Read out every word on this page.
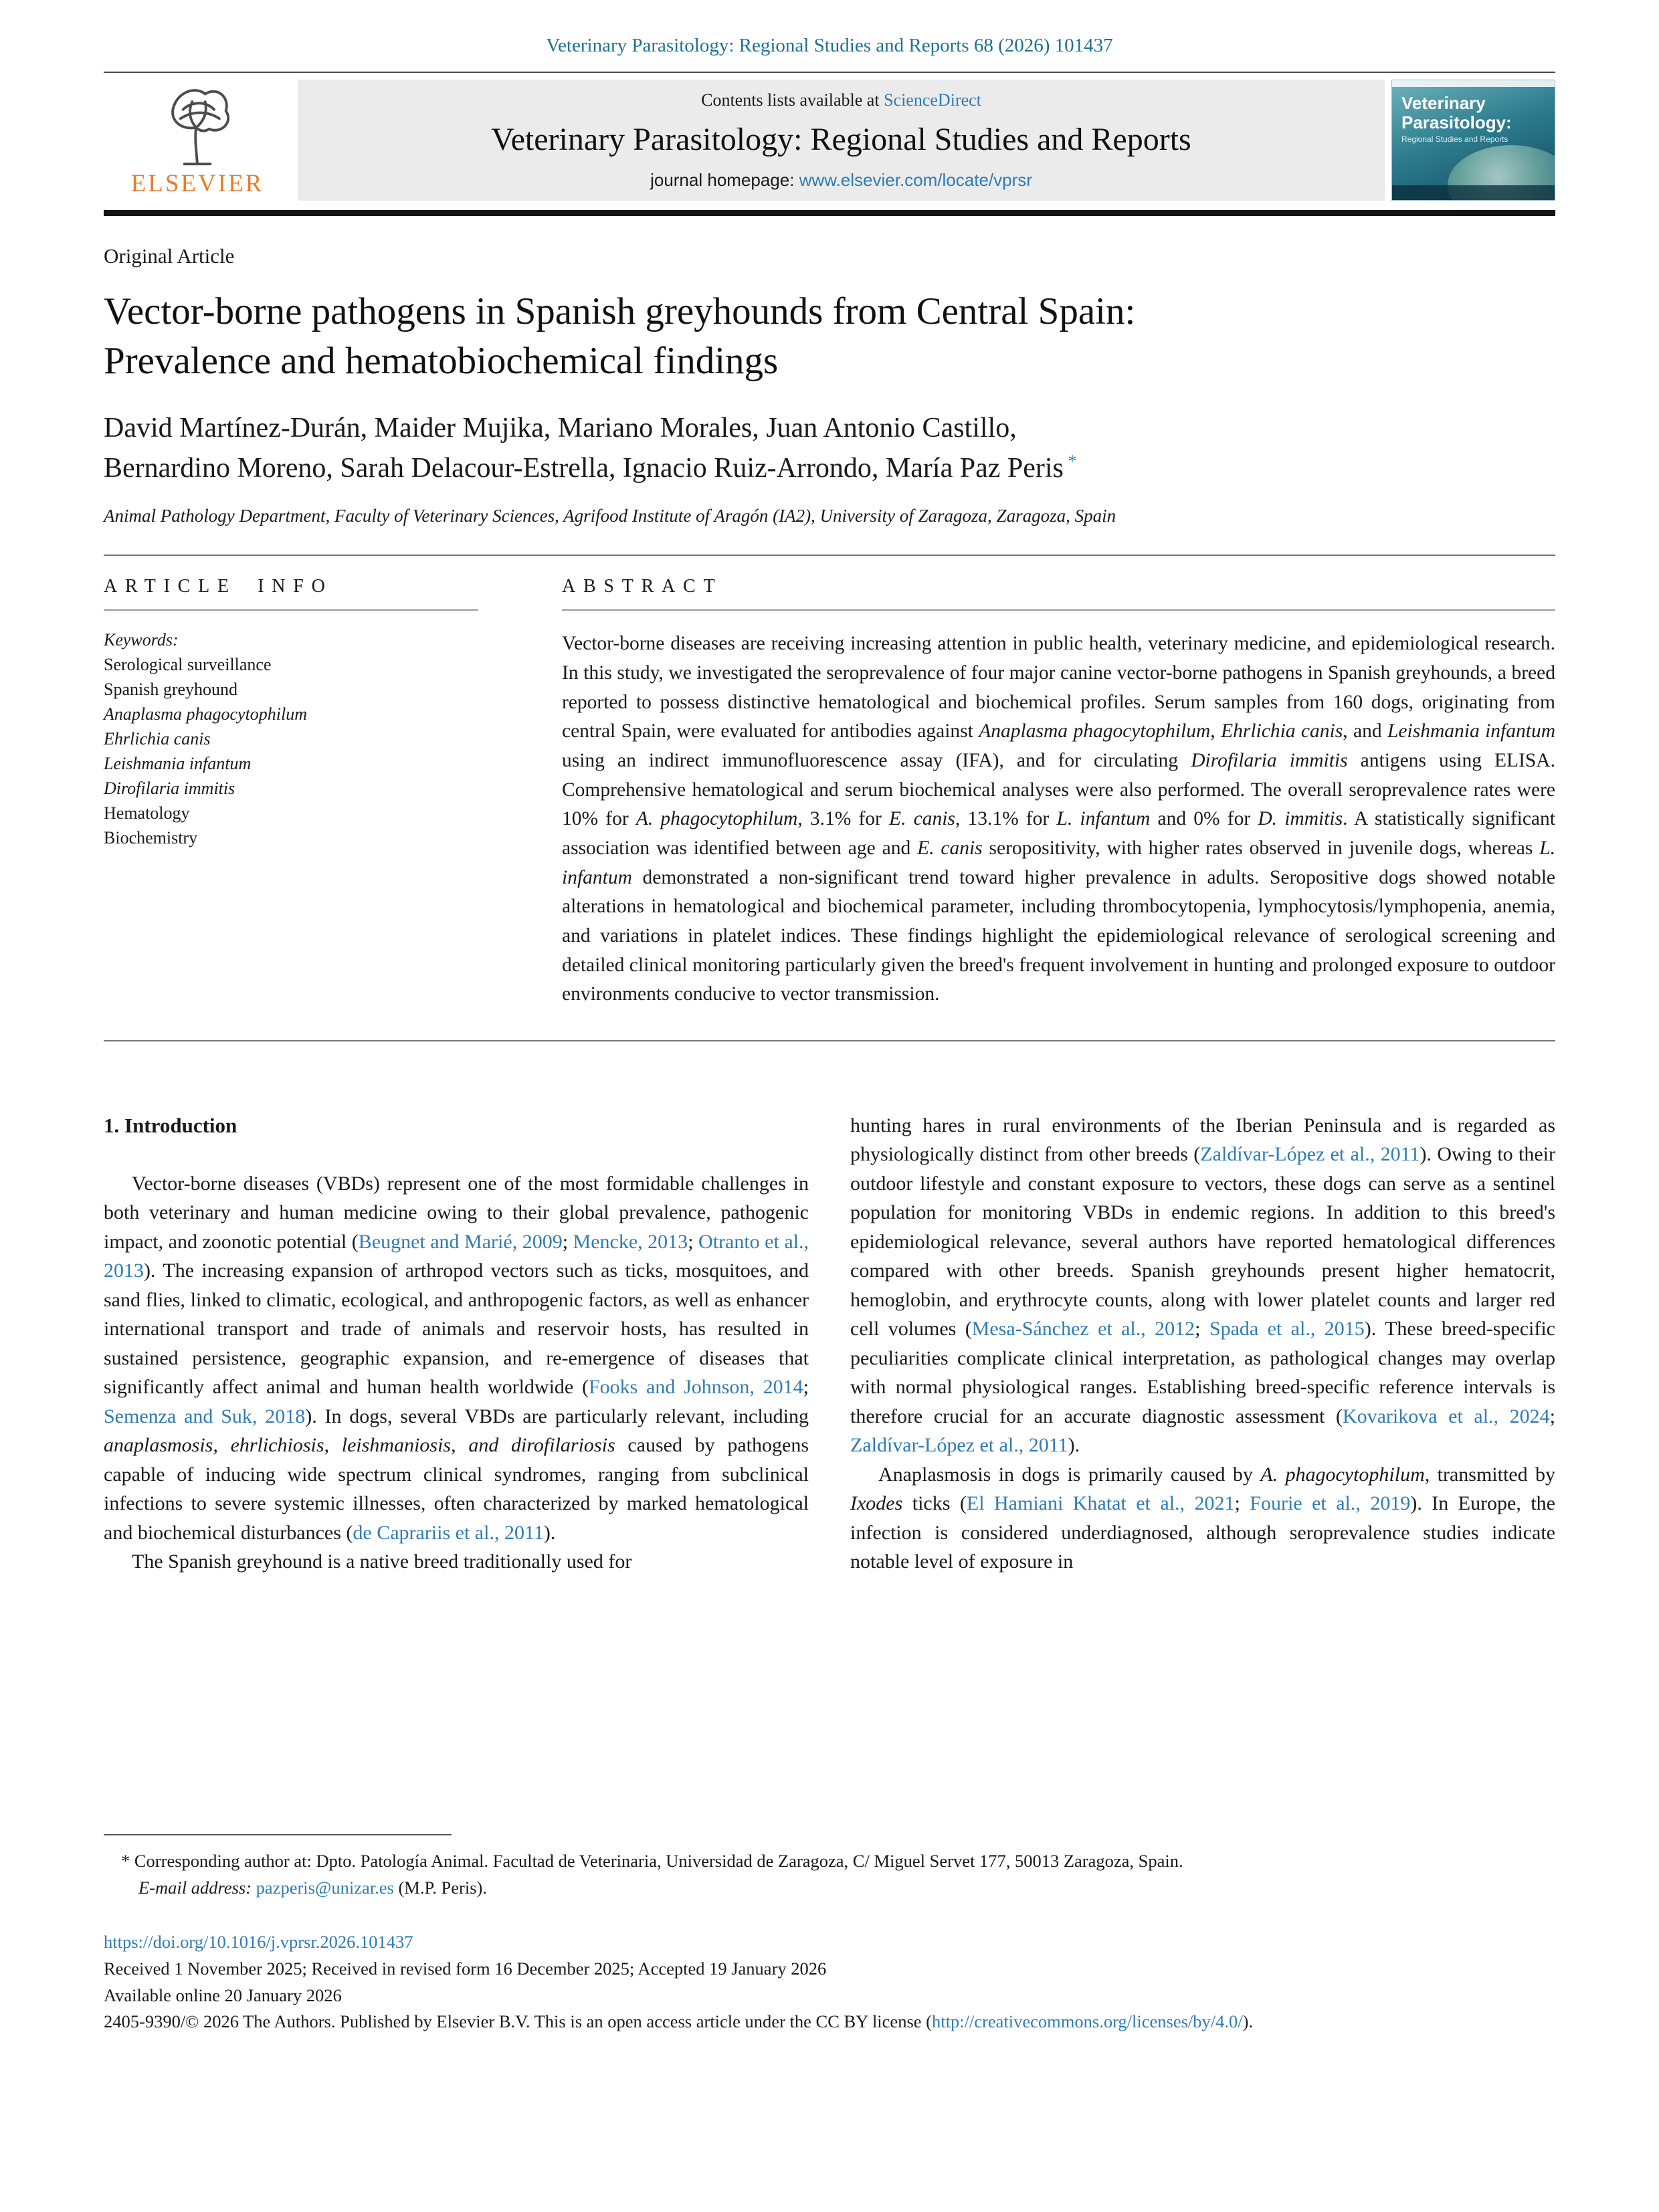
Veterinary Parasitology: Regional Studies and Reports 68 (2026) 101437
ELSEVIER
Contents lists available at ScienceDirect
Veterinary Parasitology: Regional Studies and Reports
journal homepage: www.elsevier.com/locate/vprsr
Veterinary
Parasitology:
Regional Studies and Reports
Original Article
Vector-borne pathogens in Spanish greyhounds from Central Spain:
Prevalence and hematobiochemical findings
David Martínez-Durán, Maider Mujika, Mariano Morales, Juan Antonio Castillo,
Bernardino Moreno, Sarah Delacour-Estrella, Ignacio Ruiz-Arrondo, María Paz Peris *
Animal Pathology Department, Faculty of Veterinary Sciences, Agrifood Institute of Aragón (IA2), University of Zaragoza, Zaragoza, Spain
ARTICLE INFO
Keywords:
Serological surveillance
Spanish greyhound
Anaplasma phagocytophilum
Ehrlichia canis
Leishmania infantum
Dirofilaria immitis
Hematology
Biochemistry
ABSTRACT
Vector-borne diseases are receiving increasing attention in public health, veterinary medicine, and epidemiological research. In this study, we investigated the seroprevalence of four major canine vector-borne pathogens in Spanish greyhounds, a breed reported to possess distinctive hematological and biochemical profiles. Serum samples from 160 dogs, originating from central Spain, were evaluated for antibodies against Anaplasma phagocytophilum, Ehrlichia canis, and Leishmania infantum using an indirect immunofluorescence assay (IFA), and for circulating Dirofilaria immitis antigens using ELISA. Comprehensive hematological and serum biochemical analyses were also performed. The overall seroprevalence rates were 10% for A. phagocytophilum, 3.1% for E. canis, 13.1% for L. infantum and 0% for D. immitis. A statistically significant association was identified between age and E. canis seropositivity, with higher rates observed in juvenile dogs, whereas L. infantum demonstrated a non-significant trend toward higher prevalence in adults. Seropositive dogs showed notable alterations in hematological and biochemical parameter, including thrombocytopenia, lymphocytosis/lymphopenia, anemia, and variations in platelet indices. These findings highlight the epidemiological relevance of serological screening and detailed clinical monitoring particularly given the breed's frequent involvement in hunting and prolonged exposure to outdoor environments conducive to vector transmission.
1. Introduction

Vector-borne diseases (VBDs) represent one of the most formidable challenges in both veterinary and human medicine owing to their global prevalence, pathogenic impact, and zoonotic potential (Beugnet and Marié, 2009; Mencke, 2013; Otranto et al., 2013). The increasing expansion of arthropod vectors such as ticks, mosquitoes, and sand flies, linked to climatic, ecological, and anthropogenic factors, as well as enhancer international transport and trade of animals and reservoir hosts, has resulted in sustained persistence, geographic expansion, and re-emergence of diseases that significantly affect animal and human health worldwide (Fooks and Johnson, 2014; Semenza and Suk, 2018). In dogs, several VBDs are particularly relevant, including anaplasmosis, ehrlichiosis, leishmaniosis, and dirofilariosis caused by pathogens capable of inducing wide spectrum clinical syndromes, ranging from subclinical infections to severe systemic illnesses, often characterized by marked hematological and biochemical disturbances (de Caprariis et al., 2011).

The Spanish greyhound is a native breed traditionally used for

hunting hares in rural environments of the Iberian Peninsula and is regarded as physiologically distinct from other breeds (Zaldívar-López et al., 2011). Owing to their outdoor lifestyle and constant exposure to vectors, these dogs can serve as a sentinel population for monitoring VBDs in endemic regions. In addition to this breed's epidemiological relevance, several authors have reported hematological differences compared with other breeds. Spanish greyhounds present higher hematocrit, hemoglobin, and erythrocyte counts, along with lower platelet counts and larger red cell volumes (Mesa-Sánchez et al., 2012; Spada et al., 2015). These breed-specific peculiarities complicate clinical interpretation, as pathological changes may overlap with normal physiological ranges. Establishing breed-specific reference intervals is therefore crucial for an accurate diagnostic assessment (Kovarikova et al., 2024; Zaldívar-López et al., 2011).

Anaplasmosis in dogs is primarily caused by A. phagocytophilum, transmitted by Ixodes ticks (El Hamiani Khatat et al., 2021; Fourie et al., 2019). In Europe, the infection is considered underdiagnosed, although seroprevalence studies indicate notable level of exposure in

* Corresponding author at: Dpto. Patología Animal. Facultad de Veterinaria, Universidad de Zaragoza, C/ Miguel Servet 177, 50013 Zaragoza, Spain.
E-mail address: pazperis@unizar.es (M.P. Peris).
https://doi.org/10.1016/j.vprsr.2026.101437
Received 1 November 2025; Received in revised form 16 December 2025; Accepted 19 January 2026
Available online 20 January 2026
2405-9390/© 2026 The Authors. Published by Elsevier B.V. This is an open access article under the CC BY license (http://creativecommons.org/licenses/by/4.0/).
